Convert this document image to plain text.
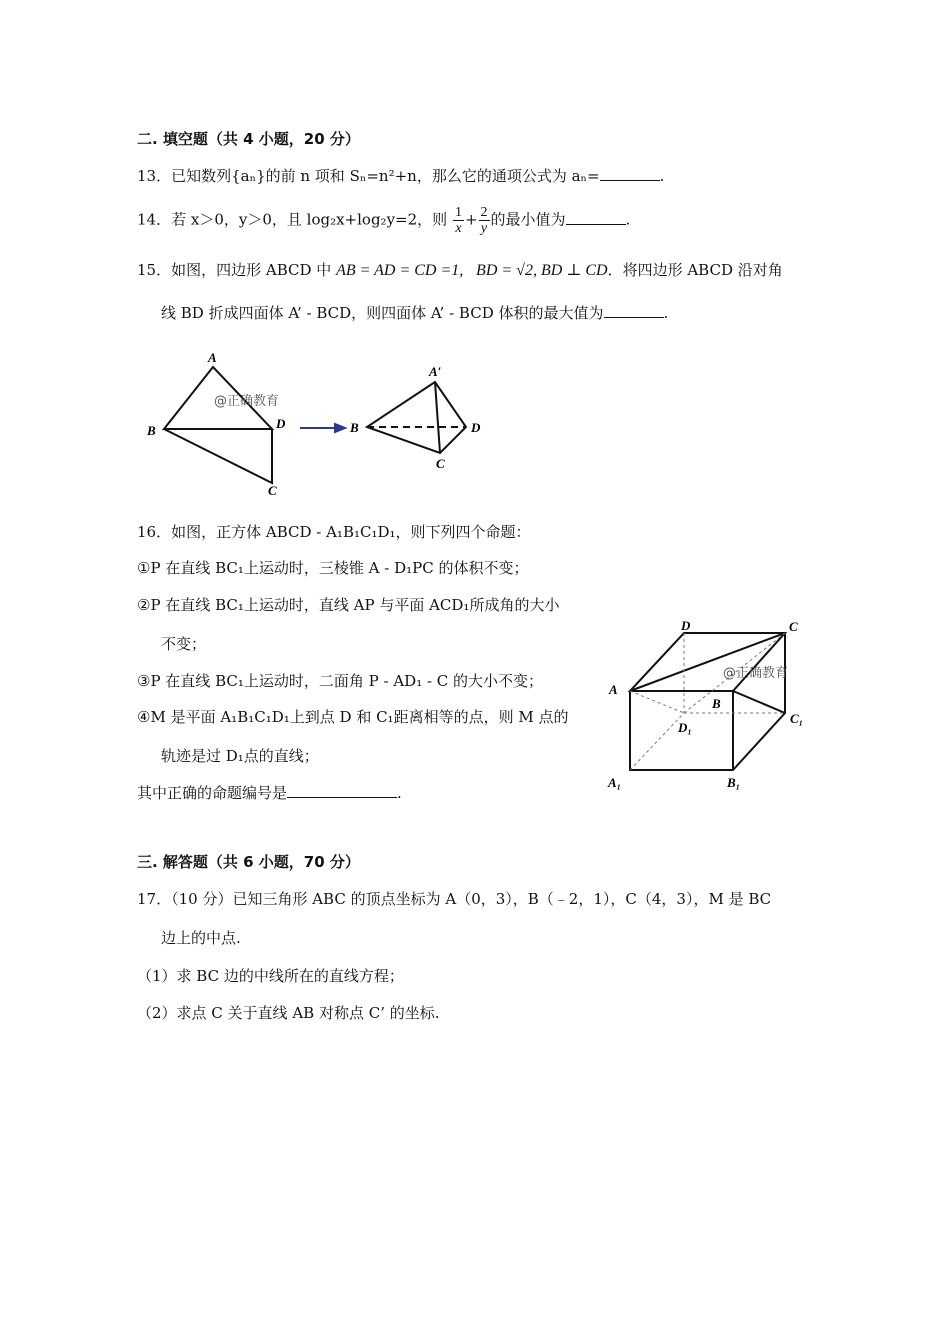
二. 填空题（共 4 小题，20 分）
13．已知数列{aₙ}的前 n 项和 Sₙ=n²+n，那么它的通项公式为 aₙ=	.
14．若 x＞0，y＞0，且 log₂x+log₂y=2，则 $\frac{1}{x} + \frac{2}{y}$ 的最小值为	.
15．如图，四边形 ABCD 中 AB = AD = CD =1, BD = √2, BD ⊥ CD．将四边形 ABCD 沿对角
线 BD 折成四面体 A’ - BCD，则四面体 A’ - BCD 体积的最大值为	.
A
B	D
C
@正确教育
A′
B	D
C
16．如图，正方体 ABCD - A₁B₁C₁D₁，则下列四个命题：
①P 在直线 BC₁上运动时，三棱锥 A - D₁PC 的体积不变；
②P 在直线 BC₁上运动时，直线 AP 与平面 ACD₁所成角的大小
不变；
③P 在直线 BC₁上运动时，二面角 P - AD₁ - C 的大小不变；
④M 是平面 A₁B₁C₁D₁上到点 D 和 C₁距离相等的点，则 M 点的
轨迹是过 D₁点的直线；
其中正确的命题编号是	.
D	C
A
B
D₁
C₁
A₁	B₁
@正确教育
三. 解答题（共 6 小题，70 分）
17．（10 分）已知三角形 ABC 的顶点坐标为 A（0，3），B（﹣2，1），C（4，3），M 是 BC
边上的中点.
（1）求 BC 边的中线所在的直线方程；
（2）求点 C 关于直线 AB 对称点 C’ 的坐标.
